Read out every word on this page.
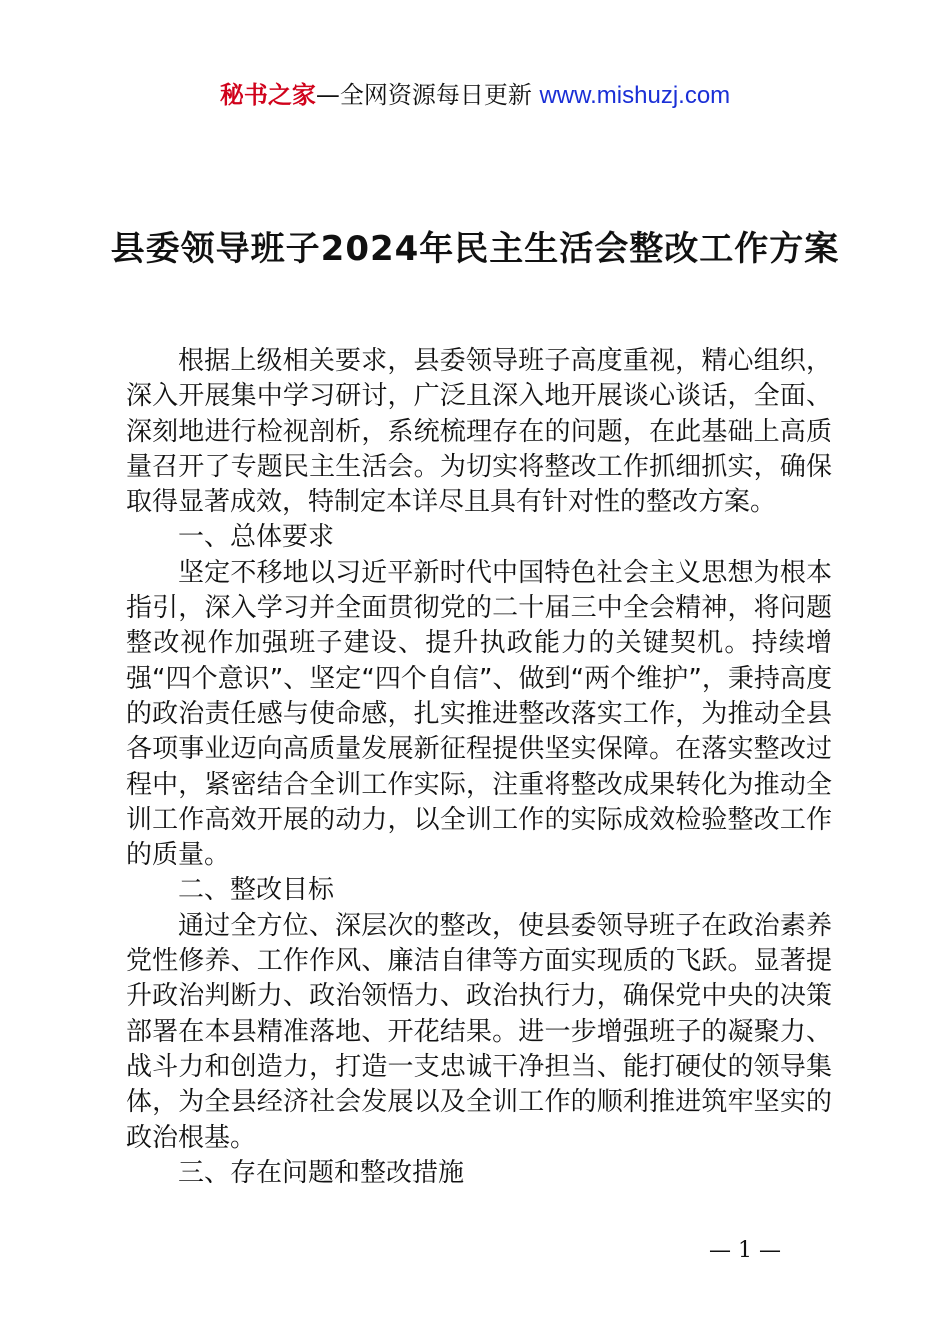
秘书之家—全网资源每日更新 www.mishuzj.com
县委领导班子2024年民主生活会整改工作方案

根据上级相关要求，县委领导班子高度重视，精心组织，深入开展集中学习研讨，广泛且深入地开展谈心谈话，全面、深刻地进行检视剖析，系统梳理存在的问题，在此基础上高质量召开了专题民主生活会。为切实将整改工作抓细抓实，确保取得显著成效，特制定本详尽且具有针对性的整改方案。

一、总体要求

坚定不移地以习近平新时代中国特色社会主义思想为根本指引，深入学习并全面贯彻党的二十届三中全会精神，将问题整改视作加强班子建设、提升执政能力的关键契机。持续增强“四个意识”、坚定“四个自信”、做到“两个维护”，秉持高度的政治责任感与使命感，扎实推进整改落实工作，为推动全县各项事业迈向高质量发展新征程提供坚实保障。在落实整改过程中，紧密结合全训工作实际，注重将整改成果转化为推动全训工作高效开展的动力，以全训工作的实际成效检验整改工作的质量。

二、整改目标

通过全方位、深层次的整改，使县委领导班子在政治素养党性修养、工作作风、廉洁自律等方面实现质的飞跃。显著提升政治判断力、政治领悟力、政治执行力，确保党中央的决策部署在本县精准落地、开花结果。进一步增强班子的凝聚力、战斗力和创造力，打造一支忠诚干净担当、能打硬仗的领导集体，为全县经济社会发展以及全训工作的顺利推进筑牢坚实的政治根基。

三、存在问题和整改措施

— 1 —
